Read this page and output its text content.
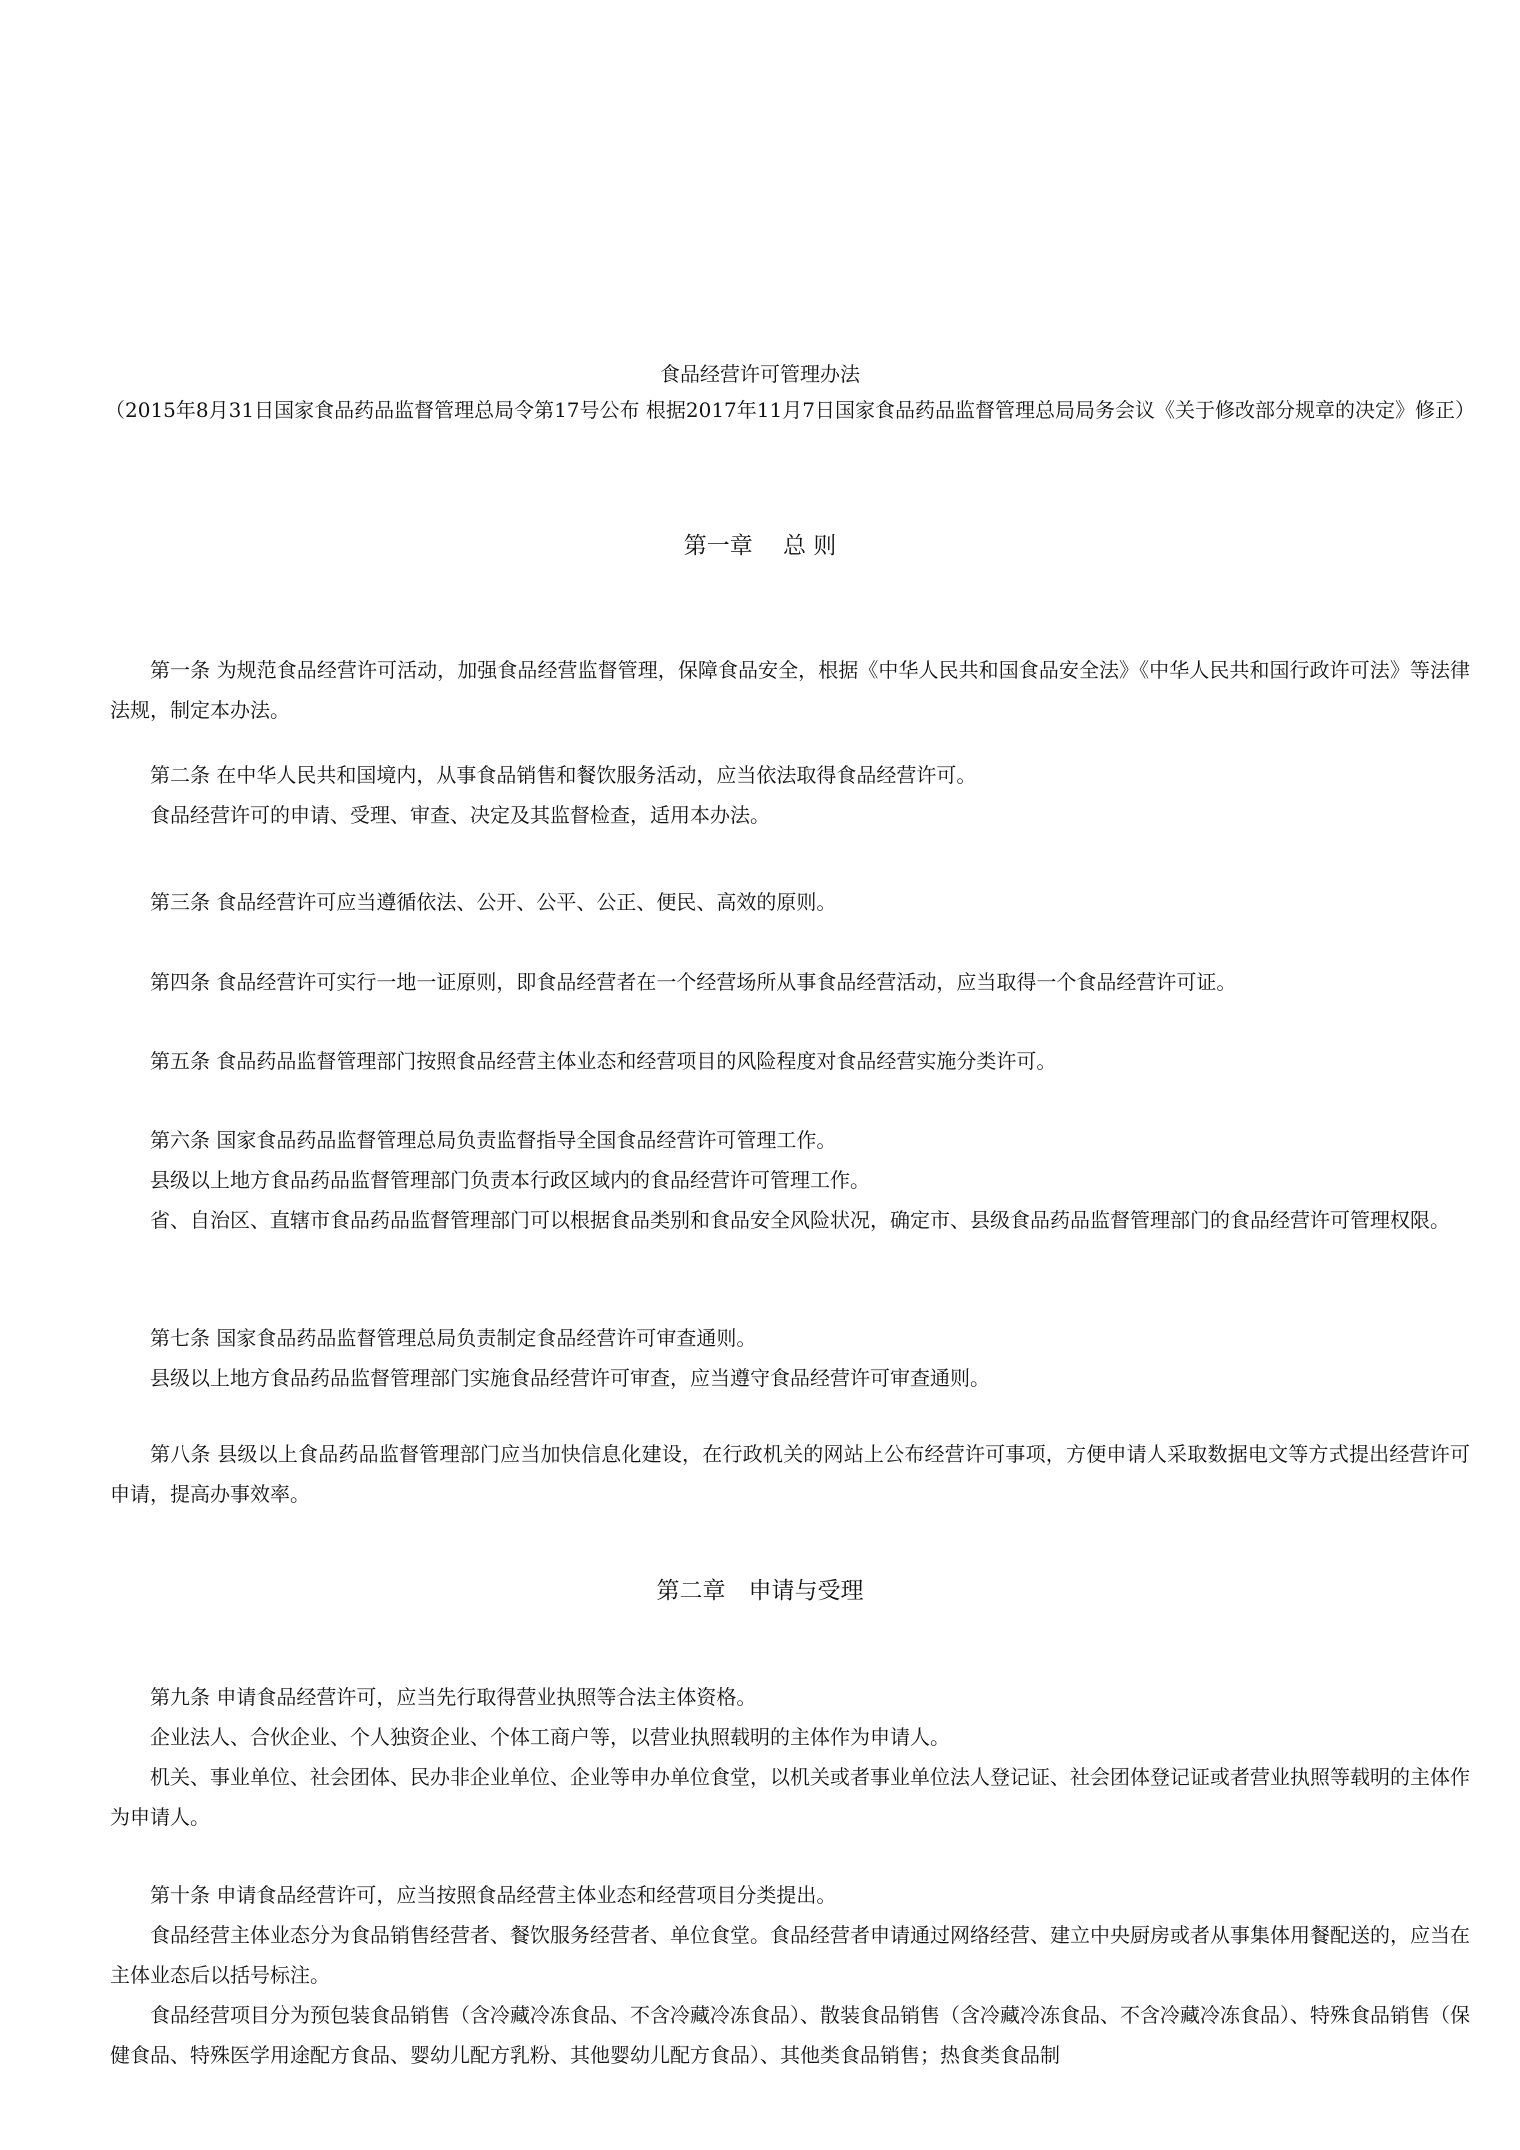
食品经营许可管理办法

（2015年8月31日国家食品药品监督管理总局令第17号公布 根据2017年11月7日国家食品药品监督管理总局局务会议《关于修改部分规章的决定》修正）

第一章　 总 则

第一条 为规范食品经营许可活动，加强食品经营监督管理，保障食品安全，根据《中华人民共和国食品安全法》《中华人民共和国行政许可法》等法律法规，制定本办法。

第二条 在中华人民共和国境内，从事食品销售和餐饮服务活动，应当依法取得食品经营许可。

食品经营许可的申请、受理、审查、决定及其监督检查，适用本办法。

第三条 食品经营许可应当遵循依法、公开、公平、公正、便民、高效的原则。

第四条 食品经营许可实行一地一证原则，即食品经营者在一个经营场所从事食品经营活动，应当取得一个食品经营许可证。

第五条 食品药品监督管理部门按照食品经营主体业态和经营项目的风险程度对食品经营实施分类许可。

第六条 国家食品药品监督管理总局负责监督指导全国食品经营许可管理工作。

县级以上地方食品药品监督管理部门负责本行政区域内的食品经营许可管理工作。

省、自治区、直辖市食品药品监督管理部门可以根据食品类别和食品安全风险状况，确定市、县级食品药品监督管理部门的食品经营许可管理权限。

第七条 国家食品药品监督管理总局负责制定食品经营许可审查通则。

县级以上地方食品药品监督管理部门实施食品经营许可审查，应当遵守食品经营许可审查通则。

第八条 县级以上食品药品监督管理部门应当加快信息化建设，在行政机关的网站上公布经营许可事项，方便申请人采取数据电文等方式提出经营许可申请，提高办事效率。

第二章　申请与受理

第九条 申请食品经营许可，应当先行取得营业执照等合法主体资格。

企业法人、合伙企业、个人独资企业、个体工商户等，以营业执照载明的主体作为申请人。

机关、事业单位、社会团体、民办非企业单位、企业等申办单位食堂，以机关或者事业单位法人登记证、社会团体登记证或者营业执照等载明的主体作为申请人。

第十条 申请食品经营许可，应当按照食品经营主体业态和经营项目分类提出。

食品经营主体业态分为食品销售经营者、餐饮服务经营者、单位食堂。食品经营者申请通过网络经营、建立中央厨房或者从事集体用餐配送的，应当在主体业态后以括号标注。

食品经营项目分为预包装食品销售（含冷藏冷冻食品、不含冷藏冷冻食品）、散装食品销售（含冷藏冷冻食品、不含冷藏冷冻食品）、特殊食品销售（保健食品、特殊医学用途配方食品、婴幼儿配方乳粉、其他婴幼儿配方食品）、其他类食品销售；热食类食品制
